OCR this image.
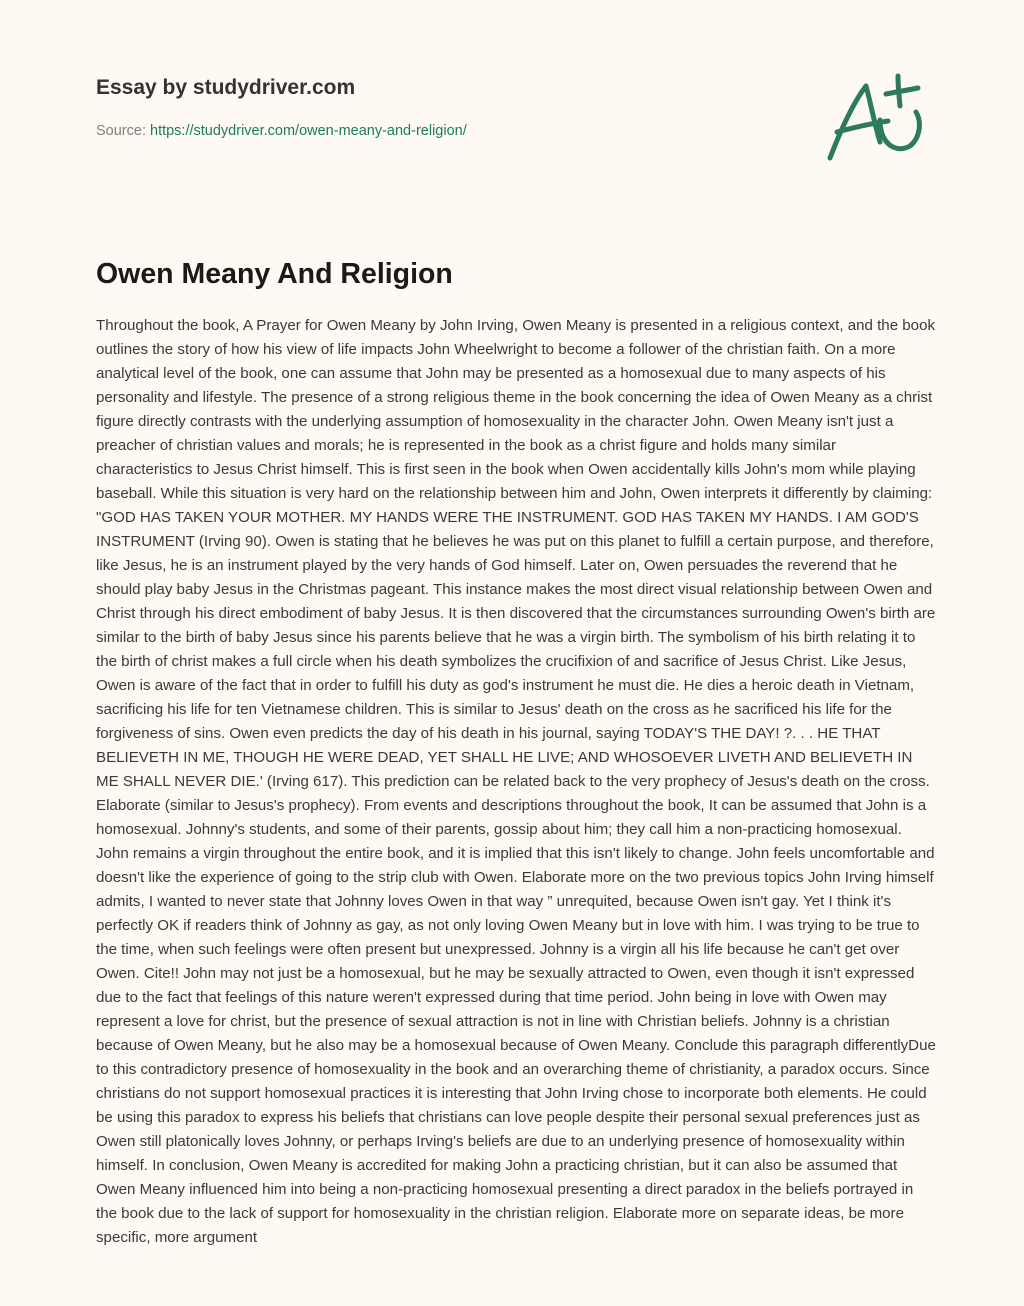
Essay by studydriver.com
Source: https://studydriver.com/owen-meany-and-religion/
Owen Meany And Religion

Throughout the book, A Prayer for Owen Meany by John Irving, Owen Meany is presented in a religious context, and the book outlines the story of how his view of life impacts John Wheelwright to become a follower of the christian faith. On a more analytical level of the book, one can assume that John may be presented as a homosexual due to many aspects of his personality and lifestyle. The presence of a strong religious theme in the book concerning the idea of Owen Meany as a christ figure directly contrasts with the underlying assumption of homosexuality in the character John. Owen Meany isn't just a preacher of christian values and morals; he is represented in the book as a christ figure and holds many similar characteristics to Jesus Christ himself. This is first seen in the book when Owen accidentally kills John's mom while playing baseball. While this situation is very hard on the relationship between him and John, Owen interprets it differently by claiming: "GOD HAS TAKEN YOUR MOTHER. MY HANDS WERE THE INSTRUMENT. GOD HAS TAKEN MY HANDS. I AM GOD'S INSTRUMENT (Irving 90). Owen is stating that he believes he was put on this planet to fulfill a certain purpose, and therefore, like Jesus, he is an instrument played by the very hands of God himself. Later on, Owen persuades the reverend that he should play baby Jesus in the Christmas pageant. This instance makes the most direct visual relationship between Owen and Christ through his direct embodiment of baby Jesus. It is then discovered that the circumstances surrounding Owen's birth are similar to the birth of baby Jesus since his parents believe that he was a virgin birth. The symbolism of his birth relating it to the birth of christ makes a full circle when his death symbolizes the crucifixion of and sacrifice of Jesus Christ. Like Jesus, Owen is aware of the fact that in order to fulfill his duty as god's instrument he must die. He dies a heroic death in Vietnam, sacrificing his life for ten Vietnamese children. This is similar to Jesus' death on the cross as he sacrificed his life for the forgiveness of sins. Owen even predicts the day of his death in his journal, saying TODAY'S THE DAY! ?. . . HE THAT BELIEVETH IN ME, THOUGH HE WERE DEAD, YET SHALL HE LIVE; AND WHOSOEVER LIVETH AND BELIEVETH IN ME SHALL NEVER DIE.' (Irving 617). This prediction can be related back to the very prophecy of Jesus's death on the cross. Elaborate (similar to Jesus's prophecy). From events and descriptions throughout the book, It can be assumed that John is a homosexual. Johnny's students, and some of their parents, gossip about him; they call him a non-practicing homosexual. John remains a virgin throughout the entire book, and it is implied that this isn't likely to change. John feels uncomfortable and doesn't like the experience of going to the strip club with Owen. Elaborate more on the two previous topics John Irving himself admits, I wanted to never state that Johnny loves Owen in that way ” unrequited, because Owen isn't gay. Yet I think it's perfectly OK if readers think of Johnny as gay, as not only loving Owen Meany but in love with him. I was trying to be true to the time, when such feelings were often present but unexpressed. Johnny is a virgin all his life because he can't get over Owen. Cite!! John may not just be a homosexual, but he may be sexually attracted to Owen, even though it isn't expressed due to the fact that feelings of this nature weren't expressed during that time period. John being in love with Owen may represent a love for christ, but the presence of sexual attraction is not in line with Christian beliefs. Johnny is a christian because of Owen Meany, but he also may be a homosexual because of Owen Meany. Conclude this paragraph differentlyDue to this contradictory presence of homosexuality in the book and an overarching theme of christianity, a paradox occurs. Since christians do not support homosexual practices it is interesting that John Irving chose to incorporate both elements. He could be using this paradox to express his beliefs that christians can love people despite their personal sexual preferences just as Owen still platonically loves Johnny, or perhaps Irving's beliefs are due to an underlying presence of homosexuality within himself. In conclusion, Owen Meany is accredited for making John a practicing christian, but it can also be assumed that Owen Meany influenced him into being a non-practicing homosexual presenting a direct paradox in the beliefs portrayed in the book due to the lack of support for homosexuality in the christian religion. Elaborate more on separate ideas, be more specific, more argument
